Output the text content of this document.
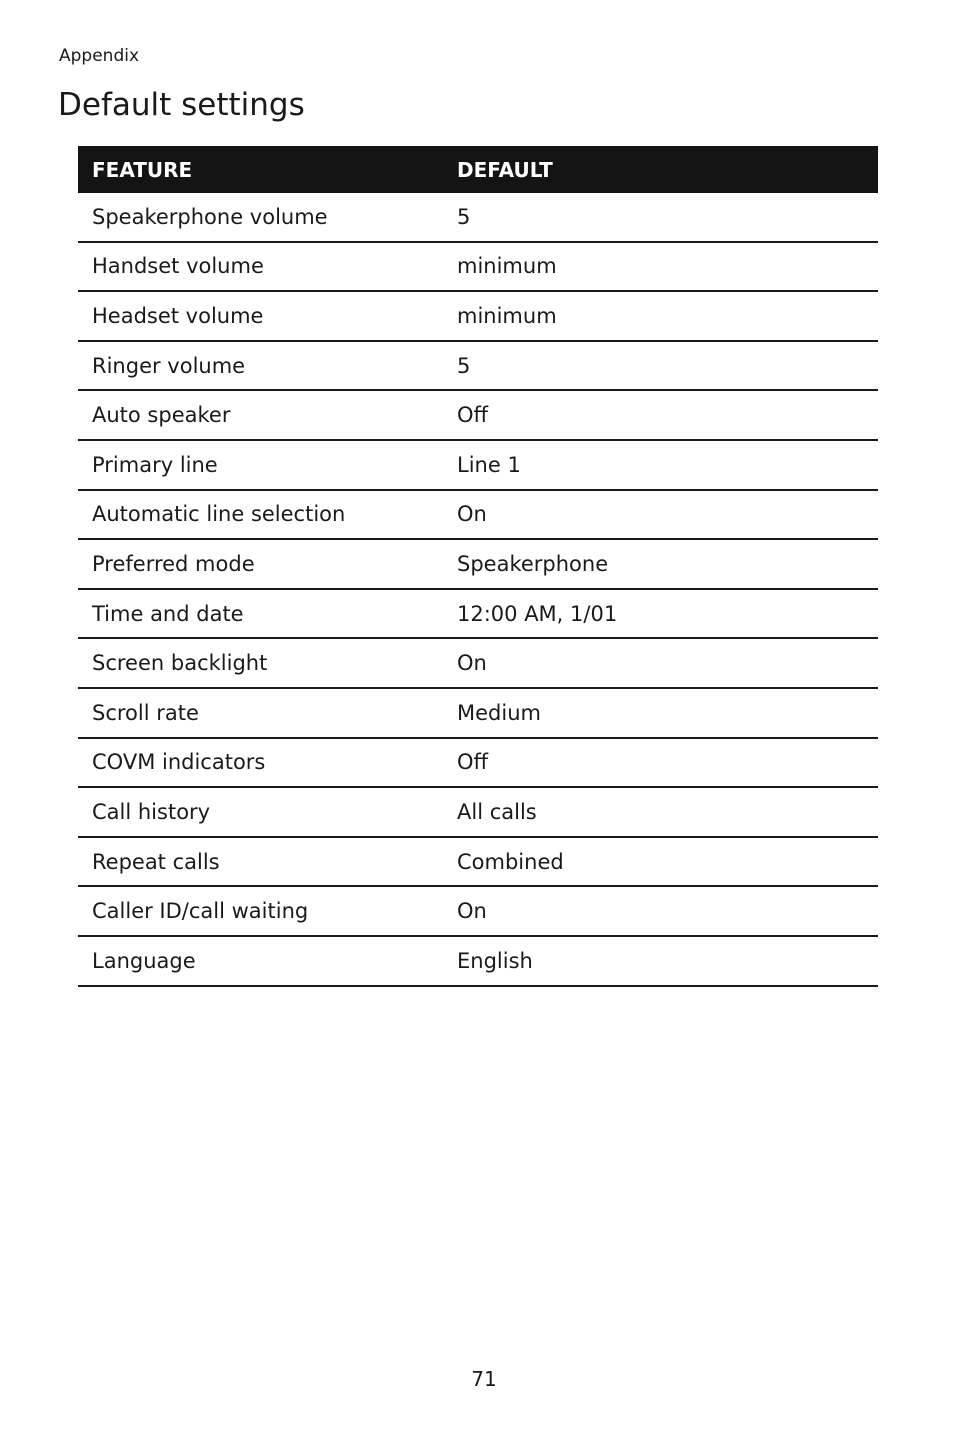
Appendix
Default settings
FEATURE	DEFAULT
Speakerphone volume	5
Handset volume	minimum
Headset volume	minimum
Ringer volume	5
Auto speaker	Off
Primary line	Line 1
Automatic line selection	On
Preferred mode	Speakerphone
Time and date	12:00 AM, 1/01
Screen backlight	On
Scroll rate	Medium
COVM indicators	Off
Call history	All calls
Repeat calls	Combined
Caller ID/call waiting	On
Language	English
71
